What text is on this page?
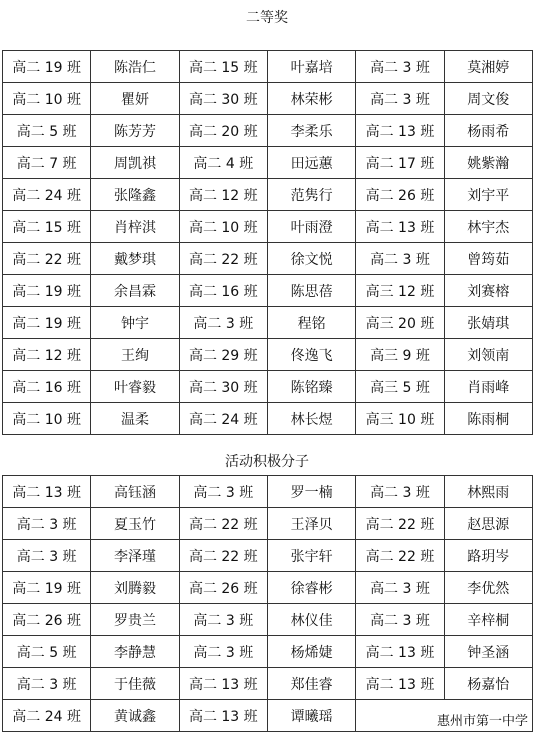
二等奖
高二 19 班	陈浩仁	高二 15 班	叶嘉培	高二 3 班	莫湘婷
高二 10 班	瞿妍	高二 30 班	林荣彬	高二 3 班	周文俊
高二 5 班	陈芳芳	高二 20 班	李柔乐	高二 13 班	杨雨希
高二 7 班	周凯祺	高二 4 班	田远蕙	高二 17 班	姚紫瀚
高二 24 班	张隆鑫	高二 12 班	范隽行	高二 26 班	刘宇平
高二 15 班	肖梓淇	高二 10 班	叶雨澄	高二 13 班	林宇杰
高二 22 班	戴梦琪	高二 22 班	徐文悦	高二 3 班	曾筠茹
高二 19 班	余昌霖	高二 16 班	陈思蓓	高三 12 班	刘赛榕
高二 19 班	钟宇	高二 3 班	程铭	高三 20 班	张婧琪
高二 12 班	王绚	高二 29 班	佟逸飞	高三 9 班	刘领南
高二 16 班	叶睿毅	高二 30 班	陈铭臻	高三 5 班	肖雨峰
高二 10 班	温柔	高二 24 班	林长煜	高三 10 班	陈雨桐
活动积极分子
高二 13 班	高钰涵	高二 3 班	罗一楠	高二 3 班	林熙雨
高二 3 班	夏玉竹	高二 22 班	王泽贝	高二 22 班	赵思源
高二 3 班	李泽瑾	高二 22 班	张宇轩	高二 22 班	路玥岑
高二 19 班	刘腾毅	高二 26 班	徐睿彬	高二 3 班	李优然
高二 26 班	罗贵兰	高二 3 班	林仪佳	高二 3 班	辛梓桐
高二 5 班	李静慧	高二 3 班	杨烯婕	高二 13 班	钟圣涵
高二 3 班	于佳薇	高二 13 班	郑佳睿	高二 13 班	杨嘉怡
高二 24 班	黄诚鑫	高二 13 班	谭曦瑶	惠州市第一中学	
